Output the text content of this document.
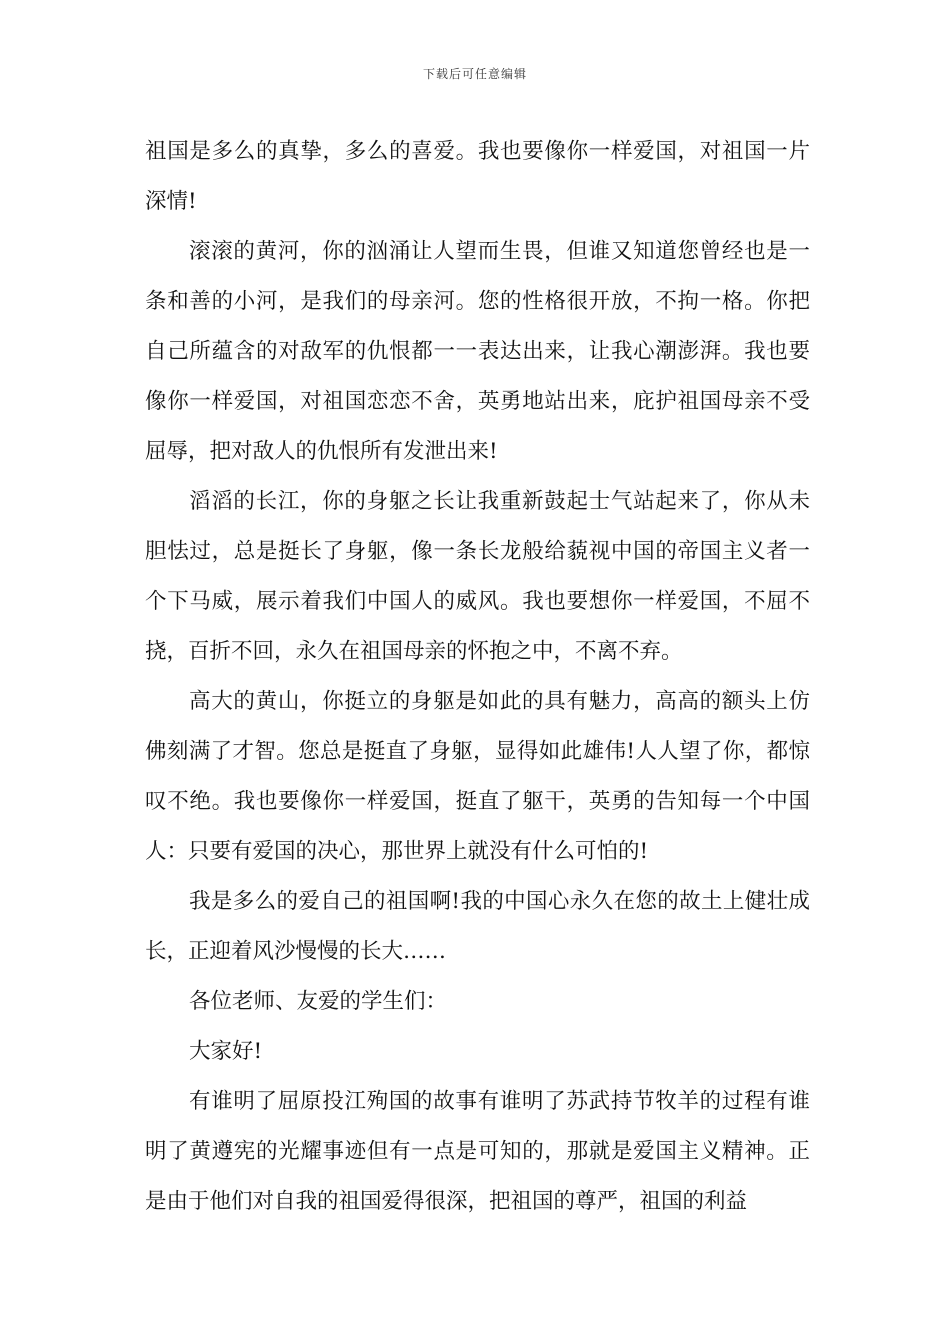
下载后可任意编辑

祖国是多么的真挚，多么的喜爱。我也要像你一样爱国，对祖国一片深情!

滚滚的黄河，你的汹涌让人望而生畏，但谁又知道您曾经也是一条和善的小河，是我们的母亲河。您的性格很开放，不拘一格。你把自己所蕴含的对敌军的仇恨都一一表达出来，让我心潮澎湃。我也要像你一样爱国，对祖国恋恋不舍，英勇地站出来，庇护祖国母亲不受屈辱，把对敌人的仇恨所有发泄出来!

滔滔的长江，你的身躯之长让我重新鼓起士气站起来了，你从未胆怯过，总是挺长了身躯，像一条长龙般给藐视中国的帝国主义者一个下马威，展示着我们中国人的威风。我也要想你一样爱国，不屈不挠，百折不回，永久在祖国母亲的怀抱之中，不离不弃。

高大的黄山，你挺立的身躯是如此的具有魅力，高高的额头上仿佛刻满了才智。您总是挺直了身躯，显得如此雄伟!人人望了你，都惊叹不绝。我也要像你一样爱国，挺直了躯干，英勇的告知每一个中国人：只要有爱国的决心，那世界上就没有什么可怕的!

我是多么的爱自己的祖国啊!我的中国心永久在您的故土上健壮成长，正迎着风沙慢慢的长大……

各位老师、友爱的学生们：

大家好!

有谁明了屈原投江殉国的故事有谁明了苏武持节牧羊的过程有谁明了黄遵宪的光耀事迹但有一点是可知的，那就是爱国主义精神。正是由于他们对自我的祖国爱得很深，把祖国的尊严，祖国的利益
